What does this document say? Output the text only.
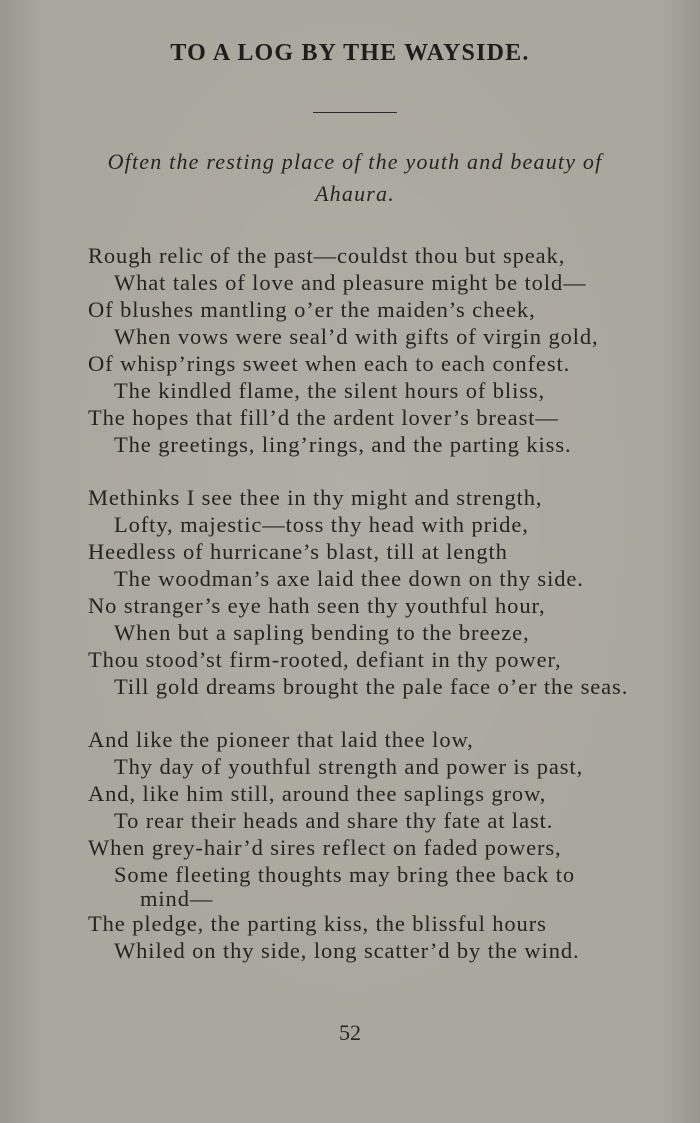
TO A LOG BY THE WAYSIDE.

Often the resting place of the youth and beauty of Ahaura.

Rough relic of the past—couldst thou but speak,
What tales of love and pleasure might be told—
Of blushes mantling o’er the maiden’s cheek,
When vows were seal’d with gifts of virgin gold,
Of whisp’rings sweet when each to each confest.
The kindled flame, the silent hours of bliss,
The hopes that fill’d the ardent lover’s breast—
The greetings, ling’rings, and the parting kiss.
Methinks I see thee in thy might and strength,
Lofty, majestic—toss thy head with pride,
Heedless of hurricane’s blast, till at length
The woodman’s axe laid thee down on thy side.
No stranger’s eye hath seen thy youthful hour,
When but a sapling bending to the breeze,
Thou stood’st firm-rooted, defiant in thy power,
Till gold dreams brought the pale face o’er the seas.
And like the pioneer that laid thee low,
Thy day of youthful strength and power is past,
And, like him still, around thee saplings grow,
To rear their heads and share thy fate at last.
When grey-hair’d sires reflect on faded powers,
Some fleeting thoughts may bring thee back to
mind—
The pledge, the parting kiss, the blissful hours
Whiled on thy side, long scatter’d by the wind.
52
